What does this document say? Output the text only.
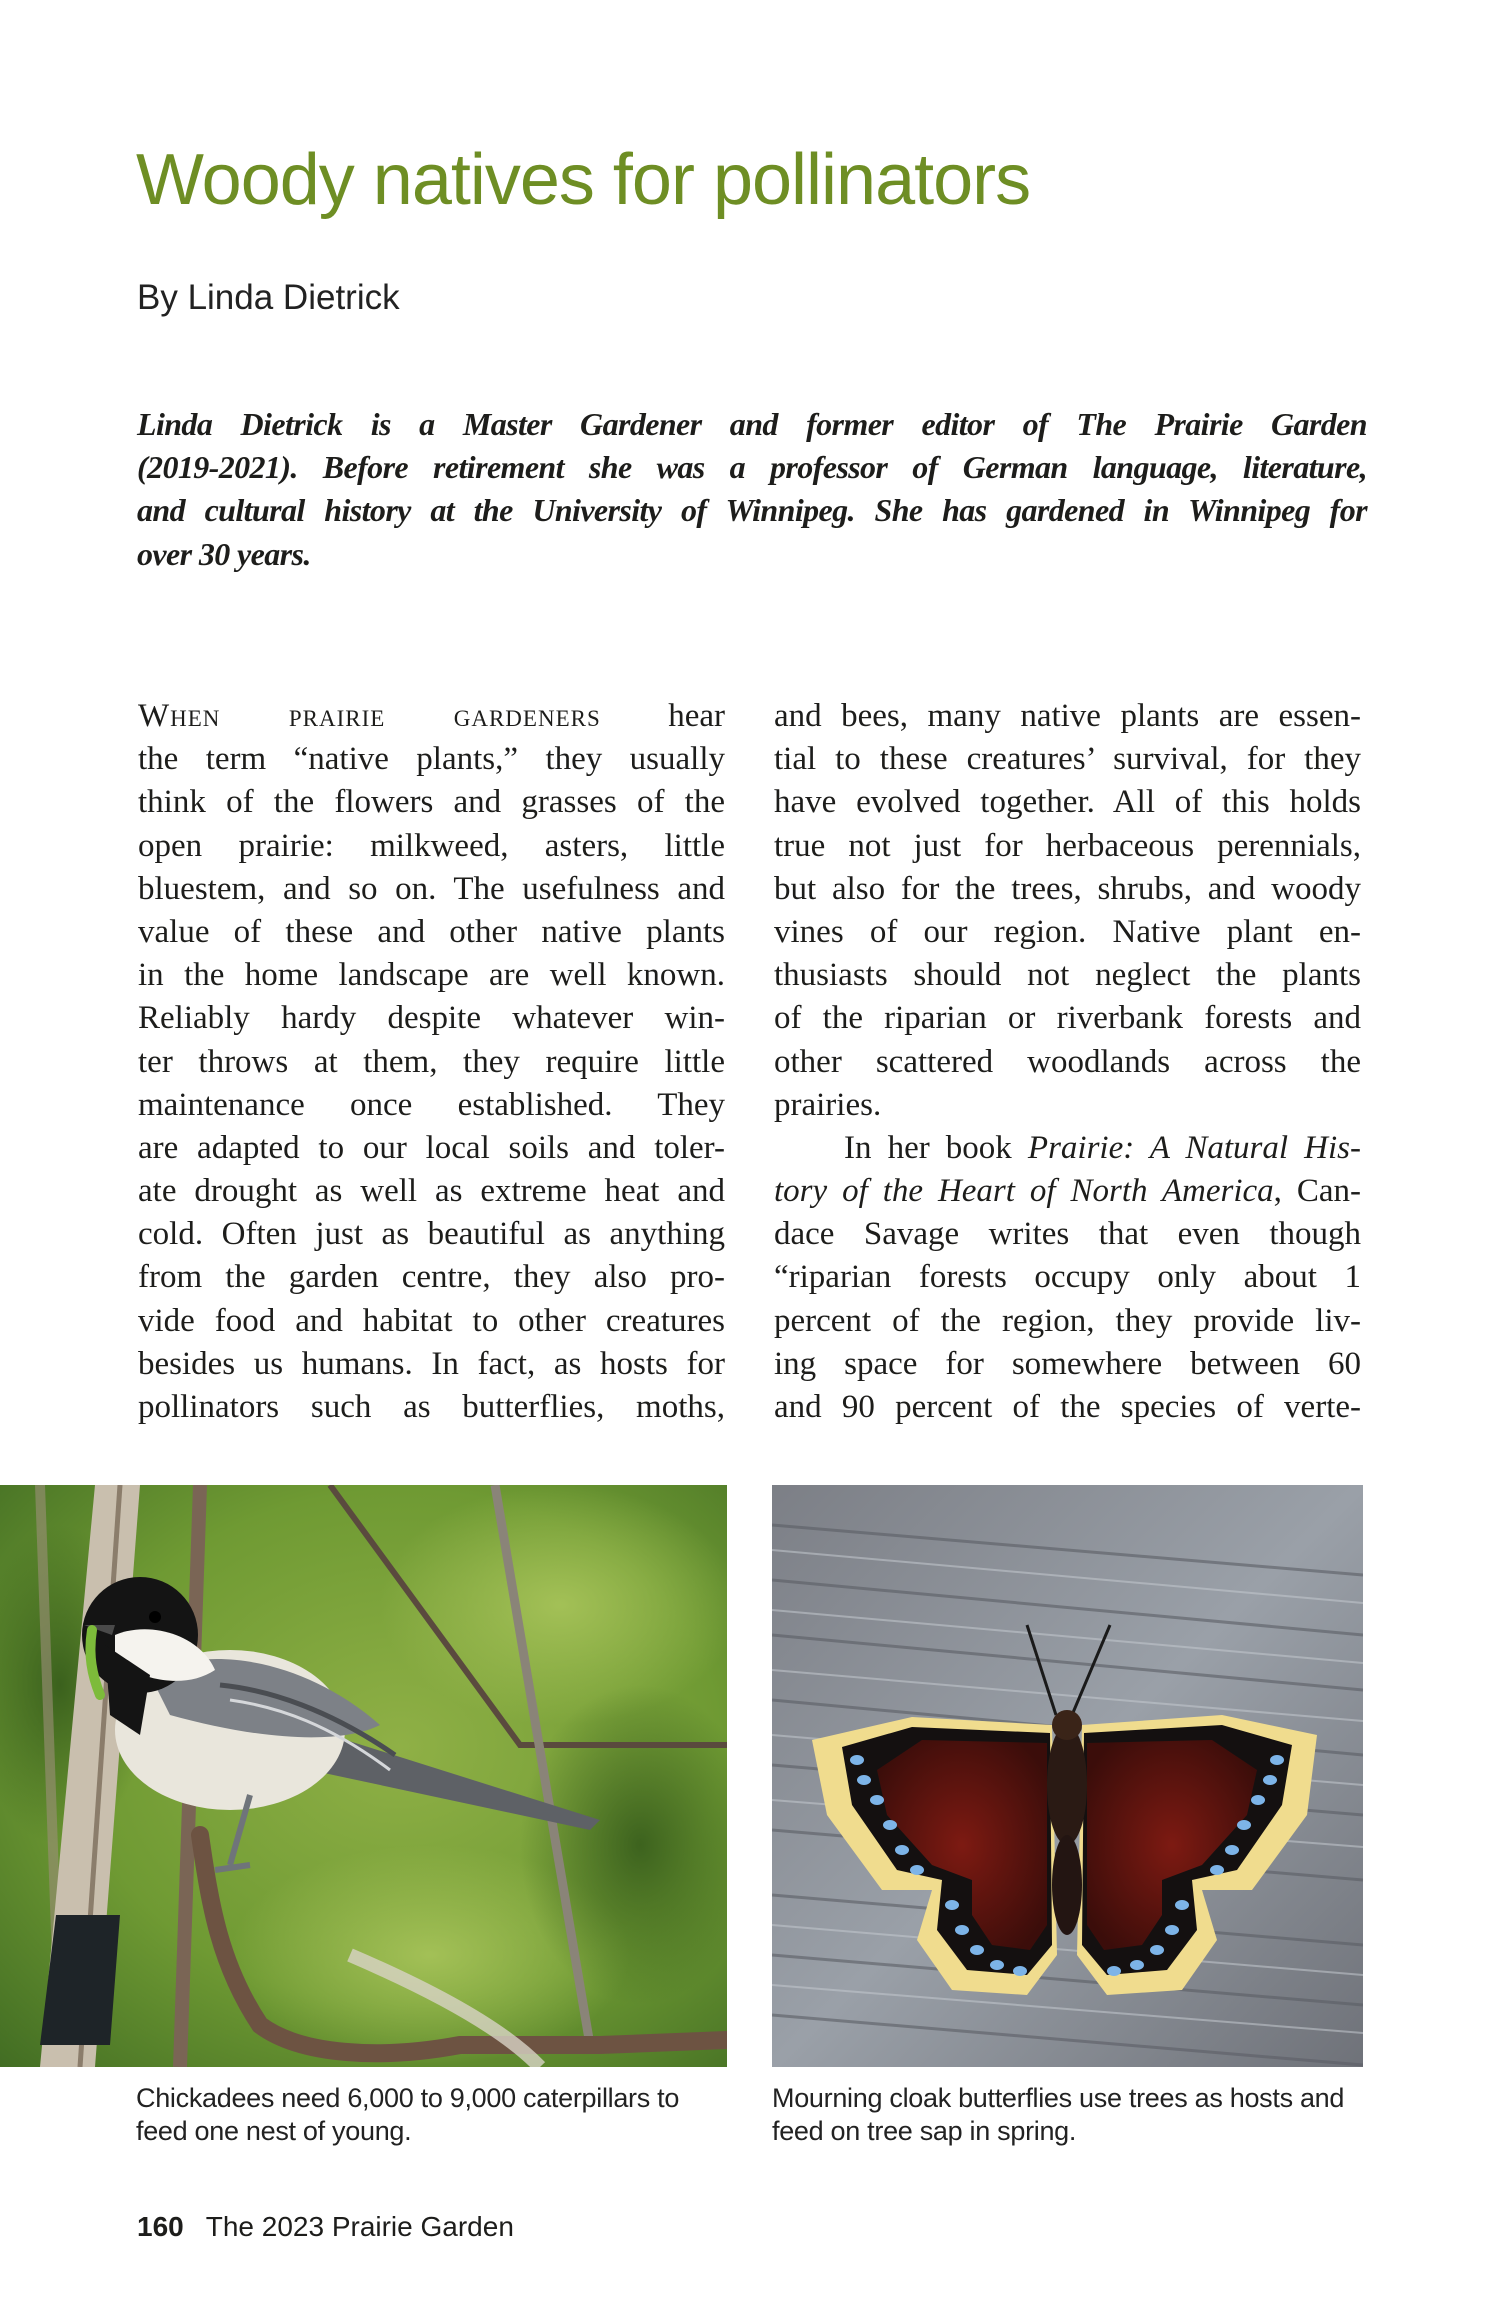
Woody natives for pollinators
By Linda Dietrick
Linda Dietrick is a Master Gardener and former editor of The Prairie Garden
(2019-2021). Before retirement she was a professor of German language, literature,
and cultural history at the University of Winnipeg. She has gardened in Winnipeg for
over 30 years.
When prairie gardeners hear
the term “native plants,” they usually
think of the flowers and grasses of the
open prairie: milkweed, asters, little
bluestem, and so on. The usefulness and
value of these and other native plants
in the home landscape are well known.
Reliably hardy despite whatever win-
ter throws at them, they require little
maintenance once established. They
are adapted to our local soils and toler-
ate drought as well as extreme heat and
cold. Often just as beautiful as anything
from the garden centre, they also pro-
vide food and habitat to other creatures
besides us humans. In fact, as hosts for
pollinators such as butterflies, moths,
and bees, many native plants are essen-
tial to these creatures’ survival, for they
have evolved together. All of this holds
true not just for herbaceous perennials,
but also for the trees, shrubs, and woody
vines of our region. Native plant en-
thusiasts should not neglect the plants
of the riparian or riverbank forests and
other scattered woodlands across the
prairies.
In her book Prairie: A Natural His-
tory of the Heart of North America, Can-
dace Savage writes that even though
“riparian forests occupy only about 1
percent of the region, they provide liv-
ing space for somewhere between 60
and 90 percent of the species of verte-
Chickadees need 6,000 to 9,000 caterpillars to feed one nest of young.
Mourning cloak butterflies use trees as hosts and feed on tree sap in spring.
160 The 2023 Prairie Garden
